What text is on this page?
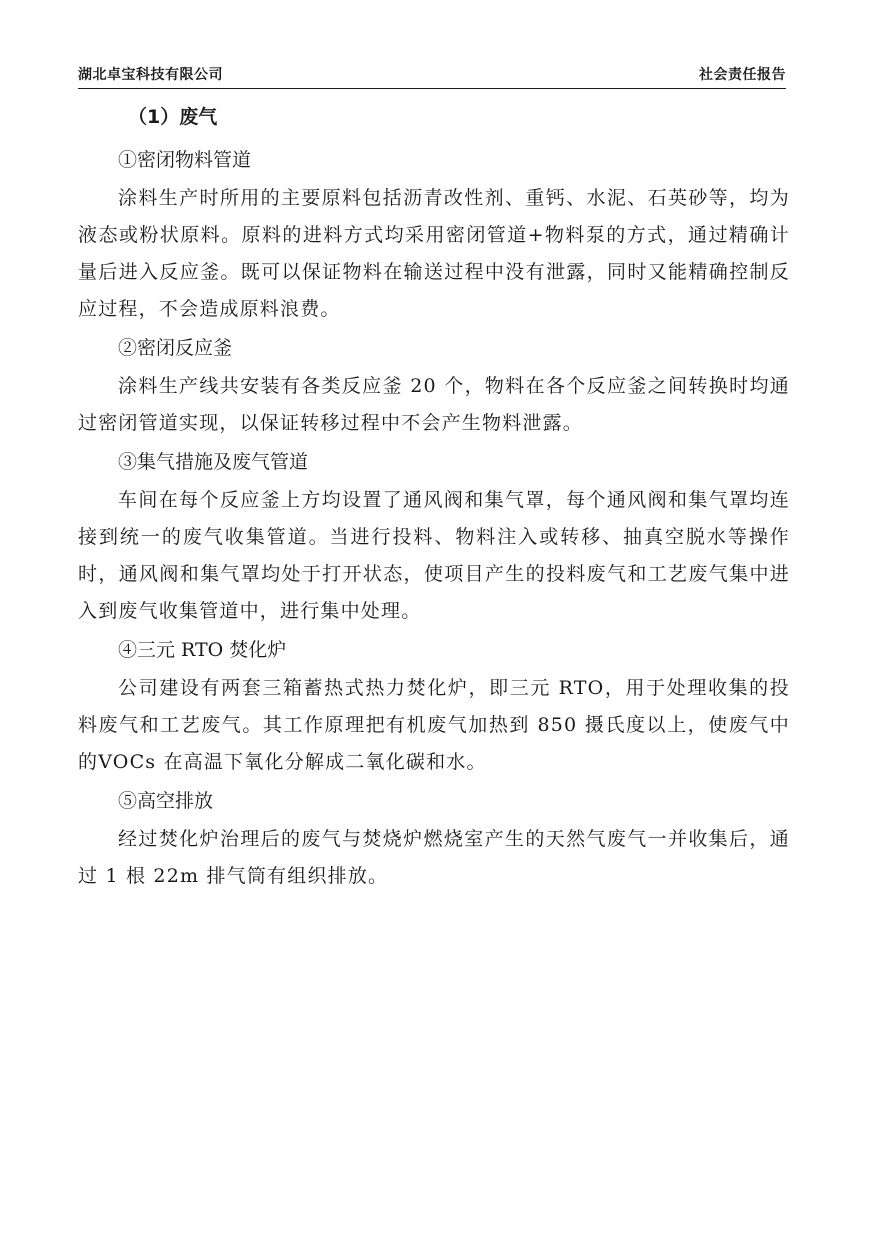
湖北卓宝科技有限公司	社会责任报告

（1）废气

①密闭物料管道

涂料生产时所用的主要原料包括沥青改性剂、重钙、水泥、石英砂等，均为液态或粉状原料。原料的进料方式均采用密闭管道+物料泵的方式，通过精确计量后进入反应釜。既可以保证物料在输送过程中没有泄露，同时又能精确控制反应过程，不会造成原料浪费。

②密闭反应釜

涂料生产线共安装有各类反应釜 20 个，物料在各个反应釜之间转换时均通过密闭管道实现，以保证转移过程中不会产生物料泄露。

③集气措施及废气管道

车间在每个反应釜上方均设置了通风阀和集气罩，每个通风阀和集气罩均连接到统一的废气收集管道。当进行投料、物料注入或转移、抽真空脱水等操作时，通风阀和集气罩均处于打开状态，使项目产生的投料废气和工艺废气集中进入到废气收集管道中，进行集中处理。

④三元 RTO 焚化炉

公司建设有两套三箱蓄热式热力焚化炉，即三元 RTO，用于处理收集的投料废气和工艺废气。其工作原理把有机废气加热到 850 摄氏度以上，使废气中的VOCs 在高温下氧化分解成二氧化碳和水。

⑤高空排放

经过焚化炉治理后的废气与焚烧炉燃烧室产生的天然气废气一并收集后，通过 1 根 22m 排气筒有组织排放。
